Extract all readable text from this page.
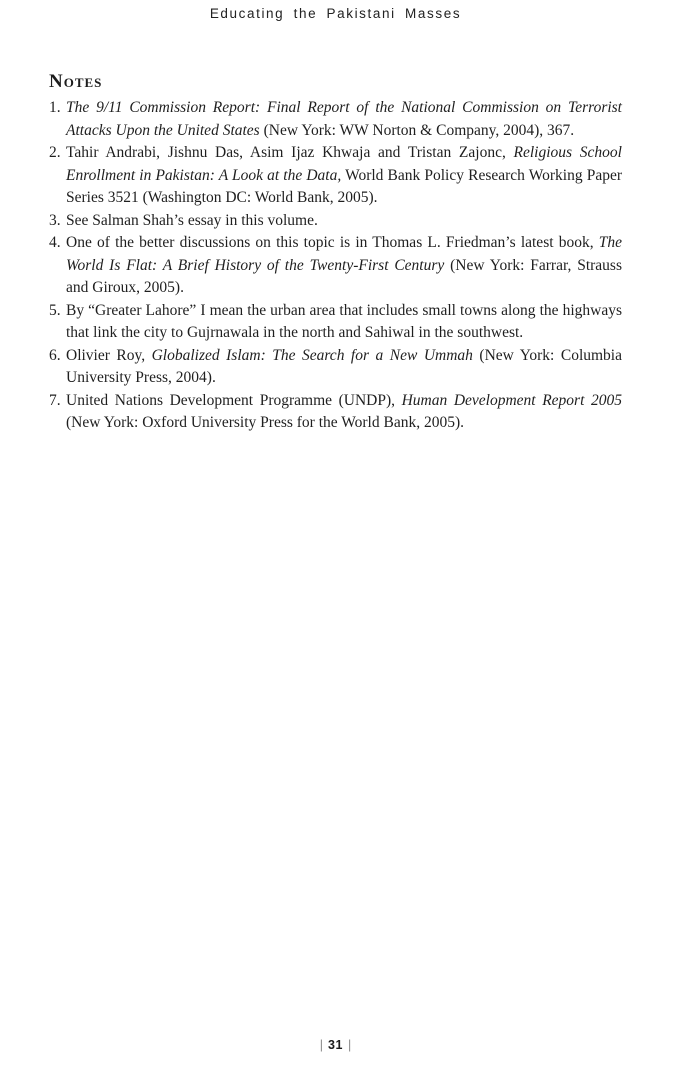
Educating the Pakistani Masses
Notes
1. The 9/11 Commission Report: Final Report of the National Commission on Terrorist Attacks Upon the United States (New York: WW Norton & Company, 2004), 367.
2. Tahir Andrabi, Jishnu Das, Asim Ijaz Khwaja and Tristan Zajonc, Religious School Enrollment in Pakistan: A Look at the Data, World Bank Policy Research Working Paper Series 3521 (Washington DC: World Bank, 2005).
3. See Salman Shah’s essay in this volume.
4. One of the better discussions on this topic is in Thomas L. Friedman’s latest book, The World Is Flat: A Brief History of the Twenty-First Century (New York: Farrar, Strauss and Giroux, 2005).
5. By “Greater Lahore” I mean the urban area that includes small towns along the highways that link the city to Gujrnawala in the north and Sahiwal in the southwest.
6. Olivier Roy, Globalized Islam: The Search for a New Ummah (New York: Columbia University Press, 2004).
7. United Nations Development Programme (UNDP), Human Development Report 2005 (New York: Oxford University Press for the World Bank, 2005).
| 31 |
